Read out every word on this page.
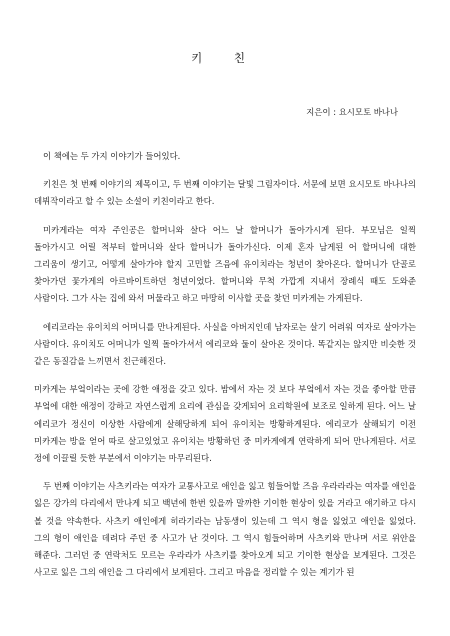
키 친

지은이 : 요시모토 바나나

이 책에는 두 가지 이야기가 들어있다.

키친은 첫 번째 이야기의 제목이고, 두 번째 이야기는 달빛 그림자이다. 서문에 보면 요시모토 바나나의 데뷔작이라고 할 수 있는 소설이 키친이라고 한다.

미카게라는 여자 주인공은 할머니와 살다 어느 날 할머니가 돌아가시게 된다. 부모님은 일찍 돌아가시고 어릴 적부터 할머니와 살다 할머니가 돌아가신다. 이제 혼자 남게된 어 할머니에 대한 그리움이 생기고, 어떻게 살아가야 할지 고민할 즈음에 유이치라는 청년이 찾아온다. 할머니가 단골로 찾아가던 꽃가게의 아르바이트하던 청년이었다. 할머니와 무척 가깝게 지내서 장례식 때도 도와준 사람이다. 그가 사는 집에 와서 머물라고 하고 마땅히 이사할 곳을 찾던 미카게는 가게된다.

에리코라는 유이치의 어머니를 만나게된다. 사실을 아버지인데 남자로는 살기 어려워 여자로 살아가는 사람이다. 유이치도 어머니가 일찍 돌아가셔서 에리코와 둘이 살아온 것이다. 똑같지는 않지만 비슷한 것 같은 동질감을 느끼면서 친근해진다.

미카게는 부엌이라는 곳에 강한 애정을 갖고 있다. 밤에서 자는 것 보다 부엌에서 자는 것을 좋아할 만큼 부엌에 대한 애정이 강하고 자연스럽게 요리에 관심을 갖게되어 요리학원에 보조로 일하게 된다. 어느 날 에리코가 정신이 이상한 사람에게 살해당하게 되어 유이치는 방황하게된다. 에리코가 살해되기 이전 미카게는 방을 얻어 따로 살고있었고 유이치는 방황하던 중 미카게에게 연락하게 되어 만나게된다. 서로 정에 이끌릴 듯한 부분에서 이야기는 마무리된다.

두 번째 이야기는 사츠키라는 여자가 교통사고로 애인을 잃고 힘들어할 즈음 우라라라는 여자를 애인을 잃은 강가의 다리에서 만나게 되고 백년에 한번 있을까 말까한 기이한 현상이 있을 거라고 얘기하고 다시 볼 것을 약속한다. 사츠키 애인에게 히라기라는 남동생이 있는데 그 역시 형을 잃었고 애인을 잃었다. 그의 형이 애인을 데려다 주던 중 사고가 난 것이다. 그 역시 힘들어하며 사츠키와 만나며 서로 위안을 해준다. 그러던 중 연락처도 모르는 우라라가 사츠키를 찾아오게 되고 기이한 현상을 보게된다. 그것은 사고로 잃은 그의 애인을 그 다리에서 보게된다. 그리고 마음을 정리할 수 있는 계기가 된
